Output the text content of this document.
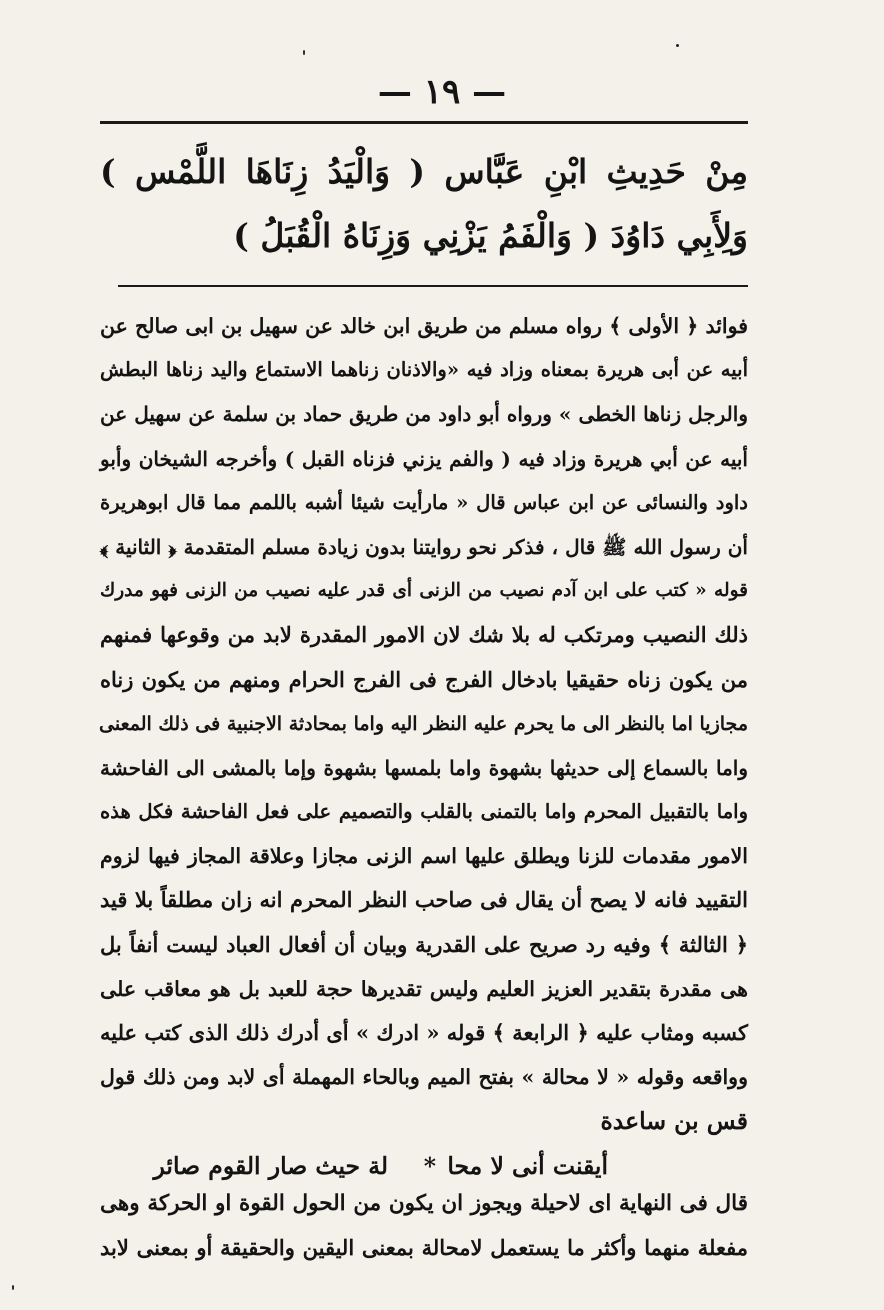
— ١٩ —
مِنْ حَدِيثِ ابْنِ عَبَّاس ( وَالْيَدُ زِنَاهَا اللَّمْس ) وَلِأَبِي دَاوُدَ ( وَالْفَمُ يَزْنِي وَزِنَاهُ الْقُبَلُ )
فوائد ﴿ الأولى ﴾ رواه مسلم من طريق ابن خالد عن سهيل بن ابى صالح عن
أبيه عن أبى هريرة بمعناه وزاد فيه «والاذنان زناهما الاستماع واليد زناها البطش
والرجل زناها الخطى » ورواه أبو داود من طريق حماد بن سلمة عن سهيل عن
أبيه عن أبي هريرة وزاد فيه ( والفم يزني فزناه القبل ) وأخرجه الشيخان وأبو
داود والنسائى عن ابن عباس قال « مارأيت شيئا أشبه باللمم مما قال ابوهريرة
أن رسول الله ﷺ قال ، فذكر نحو روايتنا بدون زيادة مسلم المتقدمة ﴿ الثانية ﴾
قوله « كتب على ابن آدم نصيب من الزنى أى قدر عليه نصيب من الزنى فهو مدرك
ذلك النصيب ومرتكب له بلا شك لان الامور المقدرة لابد من وقوعها فمنهم
من يكون زناه حقيقيا بادخال الفرج فى الفرج الحرام ومنهم من يكون زناه
مجازيا اما بالنظر الى ما يحرم عليه النظر اليه واما بمحادثة الاجنبية فى ذلك المعنى
واما بالسماع إلى حديثها بشهوة واما بلمسها بشهوة وإما بالمشى الى الفاحشة
واما بالتقبيل المحرم واما بالتمنى بالقلب والتصميم على فعل الفاحشة فكل هذه
الامور مقدمات للزنا ويطلق عليها اسم الزنى مجازا وعلاقة المجاز فيها لزوم
التقييد فانه لا يصح أن يقال فى صاحب النظر المحرم انه زان مطلقاً بلا قيد
﴿ الثالثة ﴾ وفيه رد صريح على القدرية وبيان أن أفعال العباد ليست أنفاً بل
هى مقدرة بتقدير العزيز العليم وليس تقديرها حجة للعبد بل هو معاقب على
كسبه ومثاب عليه ﴿ الرابعة ﴾ قوله « ادرك » أى أدرك ذلك الذى كتب عليه
وواقعه وقوله « لا محالة » بفتح الميم وبالحاء المهملة أى لابد ومن ذلك قول
قس بن ساعدة
أيقنت أنى لا محا
*
لة حيث صار القوم صائر
قال فى النهاية اى لاحيلة ويجوز ان يكون من الحول القوة او الحركة وهى
مفعلة منهما وأكثر ما يستعمل لامحالة بمعنى اليقين والحقيقة أو بمعنى لابد
